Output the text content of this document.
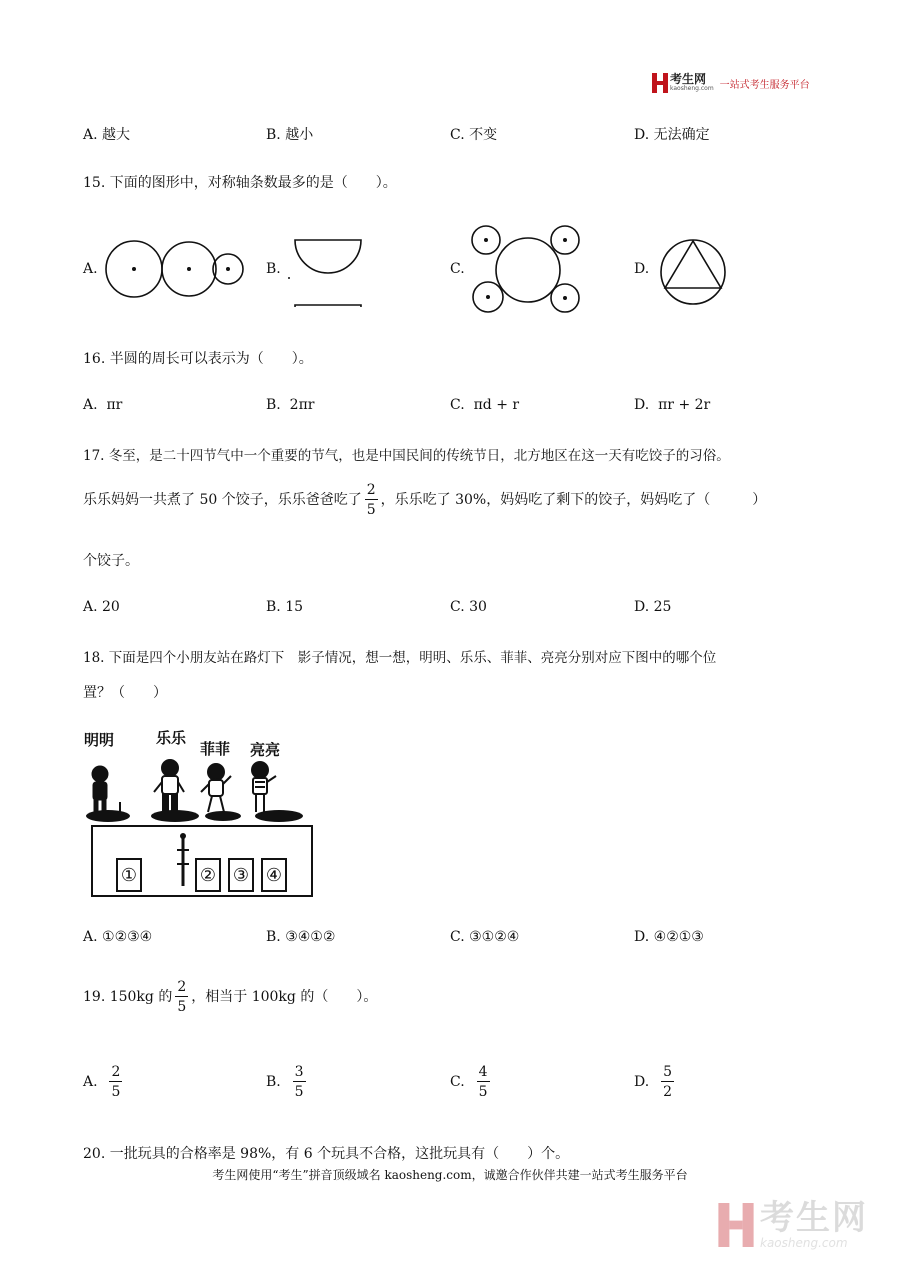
考生网
kaosheng.com 一站式考生服务平台
A. 越大	B. 越小	C. 不变	D. 无法确定
15. 下面的图形中，对称轴条数最多的是（　　）。
A.	B.	C.	D.
16. 半圆的周长可以表示为（　　）。
A. πr	B. 2πr	C. πd + r	D. πr + 2r
17. 冬至，是二十四节气中一个重要的节气，也是中国民间的传统节日，北方地区在这一天有吃饺子的习俗。
乐乐妈妈一共煮了 50 个饺子，乐乐爸爸吃了 $\frac{2}{5}$ ，乐乐吃了 30%，妈妈吃了剩下的饺子，妈妈吃了（　　　）
个饺子。
A. 20	B. 15	C. 30	D. 25
18. 下面是四个小朋友站在路灯下　影子情况，想一想，明明、乐乐、菲菲、亮亮分别对应下图中的哪个位
置？（　　）
明明	乐乐
菲菲 亮亮
①	② ③ ④
A. ①②③④	B. ③④①②	C. ③①②④	D. ④②①③
19. 150kg 的 $\frac{2}{5}$ ，相当于 100kg 的（　　）。
A. $\frac{2}{5}$	B. $\frac{3}{5}$	C. $\frac{4}{5}$	D. $\frac{5}{2}$
20. 一批玩具的合格率是 98%，有 6 个玩具不合格，这批玩具有（　　）个。
考生网使用“考生”拼音顶级域名 kaosheng.com，诚邀合作伙伴共建一站式考生服务平台
考生网
kaosheng.com
